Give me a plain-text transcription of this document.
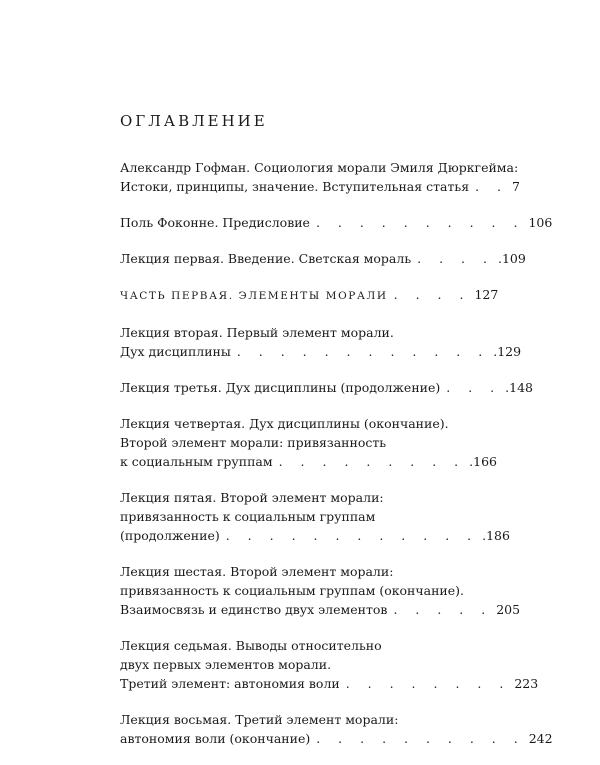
ОГЛАВЛЕНИЕ
Александр Гофман. Социология морали Эмиля Дюркгейма:
Истоки, принципы, значение. Вступительная статья . . 7
Поль Фоконне. Предисловие . . . . . . . . . . 106
Лекция первая. Введение. Светская мораль . . . . .109
ЧАСТЬ ПЕРВАЯ. ЭЛЕМЕНТЫ МОРАЛИ . . . . 127
Лекция вторая. Первый элемент морали.
Дух дисциплины . . . . . . . . . . . . .129
Лекция третья. Дух дисциплины (продолжение) . . . .148
Лекция четвертая. Дух дисциплины (окончание).
Второй элемент морали: привязанность
к социальным группам . . . . . . . . . .166
Лекция пятая. Второй элемент морали:
привязанность к социальным группам
(продолжение) . . . . . . . . . . . . .186
Лекция шестая. Второй элемент морали:
привязанность к социальным группам (окончание).
Взаимосвязь и единство двух элементов . . . . . 205
Лекция седьмая. Выводы относительно
двух первых элементов морали.
Третий элемент: автономия воли . . . . . . . . 223
Лекция восьмая. Третий элемент морали:
автономия воли (окончание) . . . . . . . . . . 242
